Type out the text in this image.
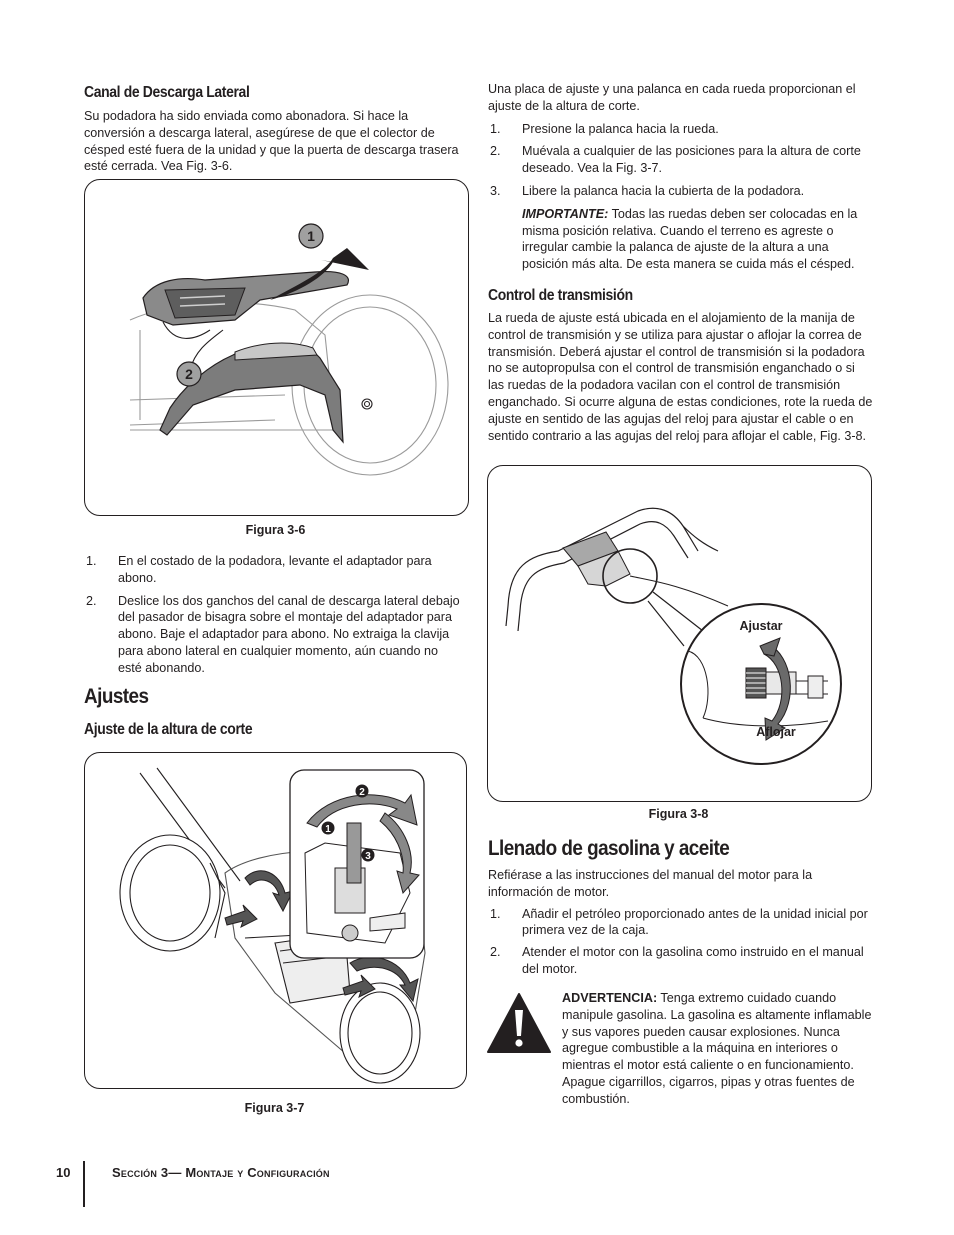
Canal de Descarga Lateral
Su podadora ha sido enviada como abonadora. Si hace la conversión a descarga lateral, asegúrese de que el colector de césped esté fuera de la unidad y que la puerta de descarga trasera esté cerrada. Vea Fig. 3-6.
1
2
Figura 3-6
1. En el costado de la podadora, levante el adaptador para abono.
2. Deslice los dos ganchos del canal de descarga lateral debajo del pasador de bisagra sobre el montaje del adaptador para abono. Baje el adaptador para abono. No extraiga la clavija para abono lateral en cualquier momento, aún cuando no esté abonando.
Ajustes
Ajuste de la altura de corte
1
2
3
Figura 3-7
Una placa de ajuste y una palanca en cada rueda proporcionan el ajuste de la altura de corte.
1. Presione la palanca hacia la rueda.
2. Muévala a cualquier de las posiciones para la altura de corte deseado. Vea la Fig. 3-7.
3. Libere la palanca hacia la cubierta de la podadora.
IMPORTANTE: Todas las ruedas deben ser colocadas en la misma posición relativa. Cuando el terreno es agreste o irregular cambie la palanca de ajuste de la altura a una posición más alta. De esta manera se cuida más el césped.
Control de transmisión
La rueda de ajuste está ubicada en el alojamiento de la manija de control de transmisión y se utiliza para ajustar o aflojar la correa de transmisión. Deberá ajustar el control de transmisión si la podadora no se autopropulsa con el control de transmisión enganchado o si las ruedas de la podadora vacilan con el control de transmisión enganchado. Si ocurre alguna de estas condiciones, rote la rueda de ajuste en sentido de las agujas del reloj para ajustar el cable o en sentido contrario a las agujas del reloj para aflojar el cable, Fig. 3-8.
Ajustar
Aflojar
Figura 3-8
Llenado de gasolina y aceite
Refiérase a las instrucciones del manual del motor para la información de motor.
1. Añadir el petróleo proporcionado antes de la unidad inicial por primera vez de la caja.
2. Atender el motor con la gasolina como instruido en el manual del motor.
ADVERTENCIA: Tenga extremo cuidado cuando manipule gasolina. La gasolina es altamente inflamable y sus vapores pueden causar explosiones. Nunca agregue combustible a la máquina en interiores o mientras el motor está caliente o en funcionamiento. Apague cigarrillos, cigarros, pipas y otras fuentes de combustión.
10	Sección 3— Montaje y Configuración
